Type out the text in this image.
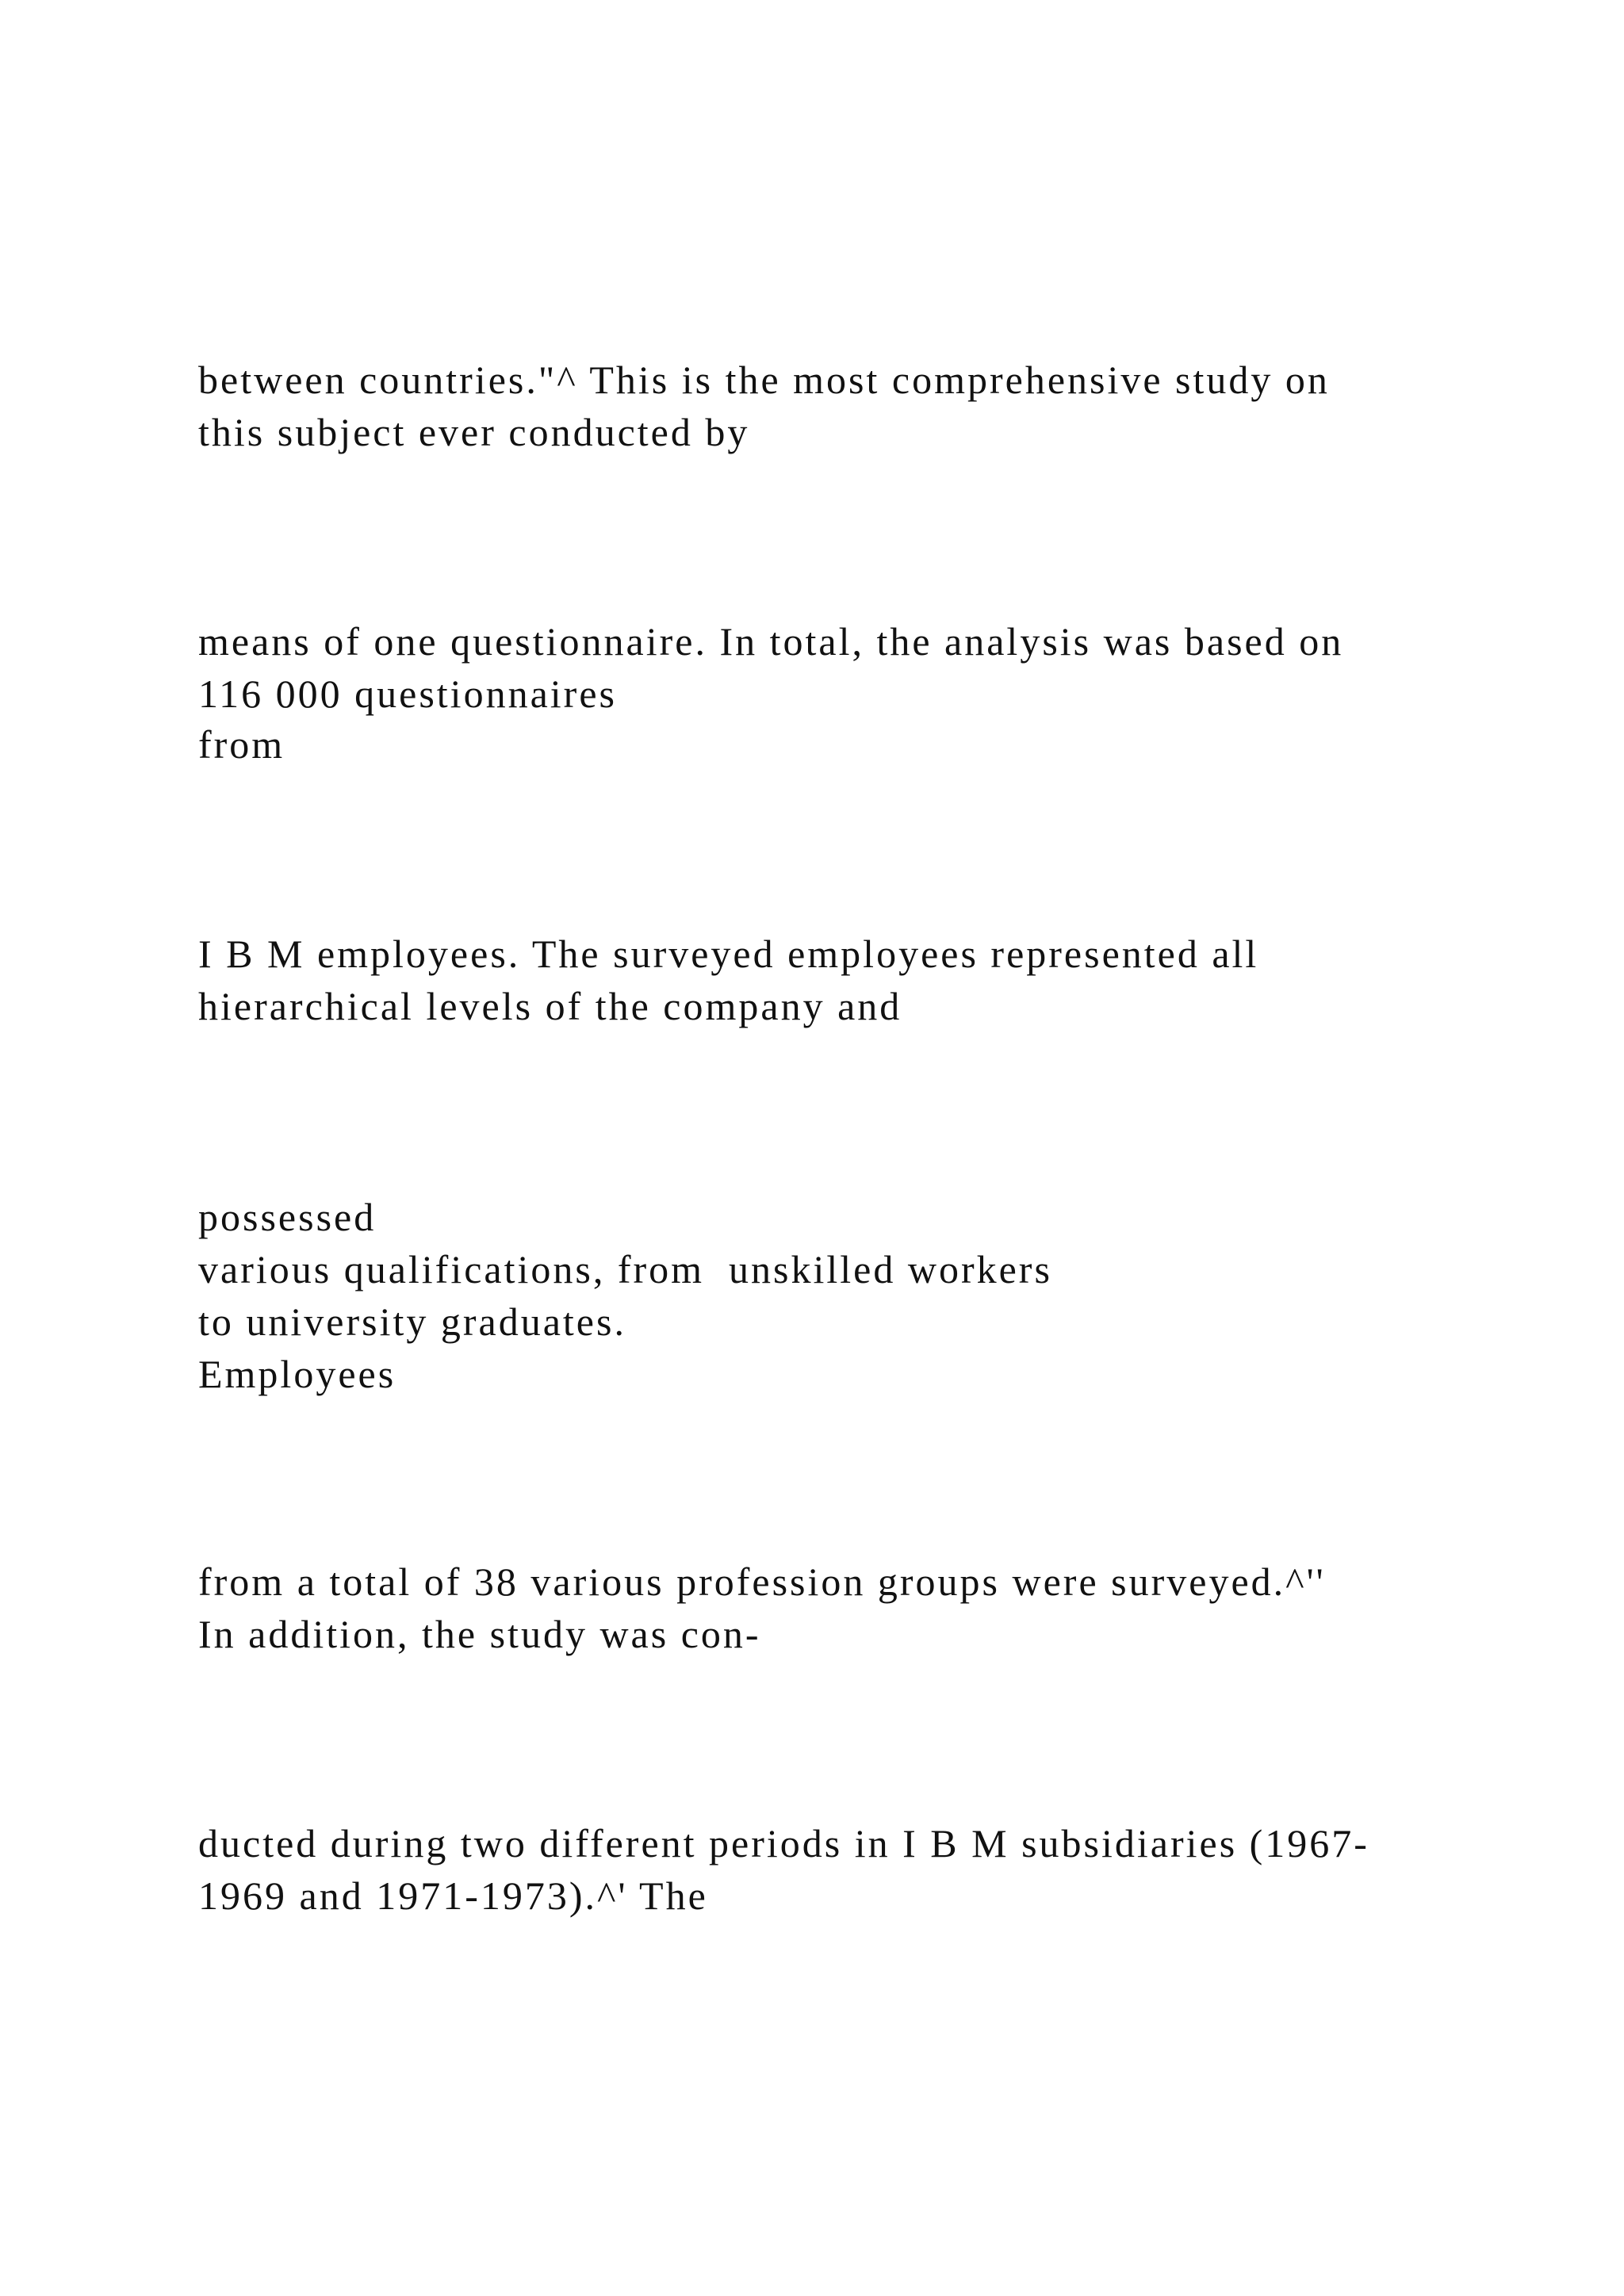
between countries."^ This is the most comprehensive study on

this subject ever conducted by

means of one questionnaire. In total, the analysis was based on

116 000 questionnaires

from

I B M employees. The surveyed employees represented all

hierarchical levels of the company and

possessed

various qualifications, from  unskilled workers

to university graduates.

Employees

from a total of 38 various profession groups were surveyed.^''

In addition, the study was con-

ducted during two different periods in I B M subsidiaries (1967-

1969 and 1971-1973).^' The
